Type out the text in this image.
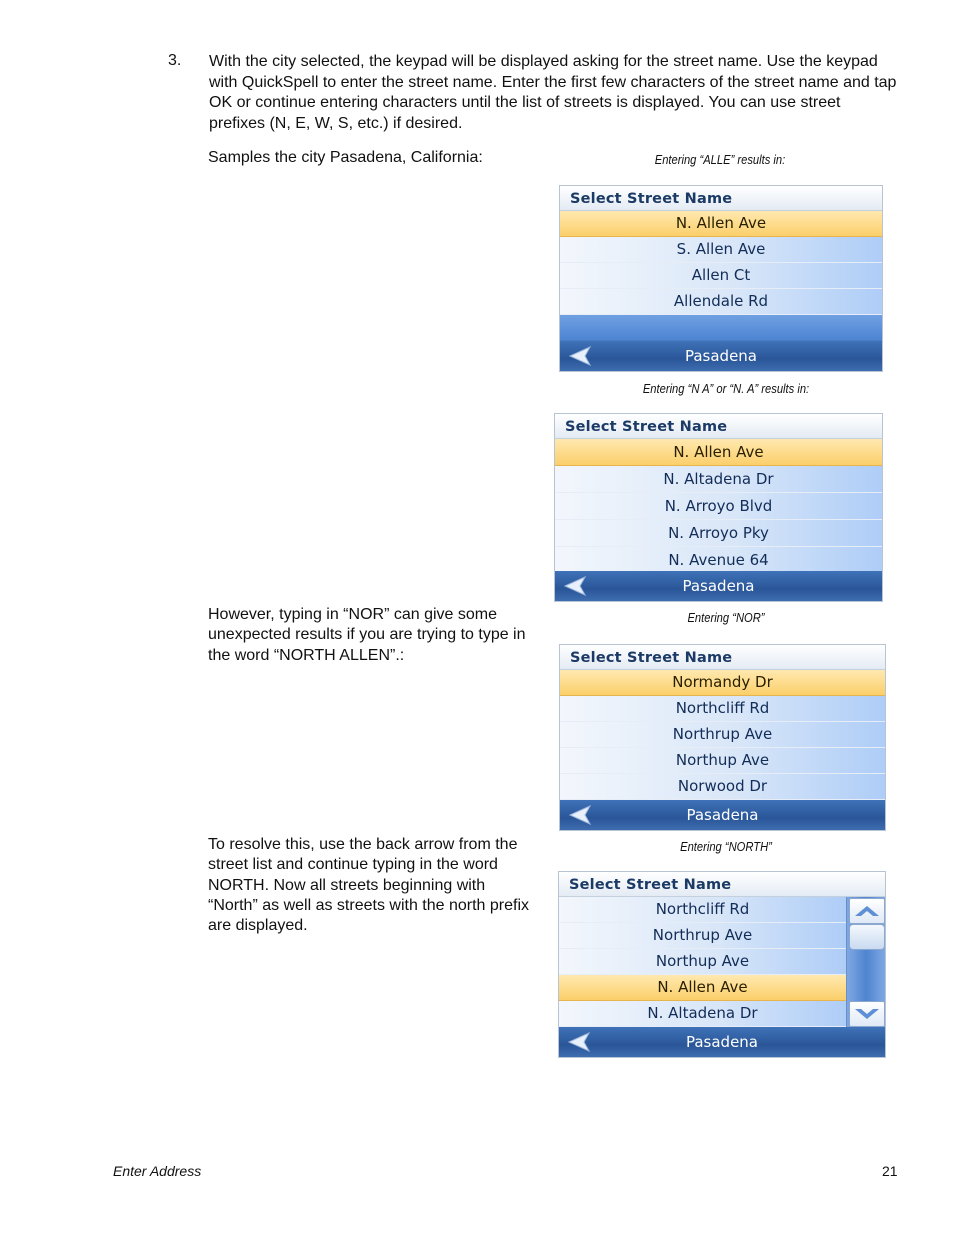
3. With the city selected, the keypad will be displayed asking for the street name. Use the keypad with QuickSpell to enter the street name. Enter the first few characters of the street name and tap OK or continue entering characters until the list of streets is displayed. You can use street prefixes (N, E, W, S, etc.) if desired.

Samples the city Pasadena, California:

However, typing in “NOR” can give some unexpected results if you are trying to type in the word “NORTH ALLEN”.:

To resolve this, use the back arrow from the street list and continue typing in the word NORTH. Now all streets beginning with “North” as well as streets with the north prefix are displayed.

Entering “ALLE” results in:
Select Street Name
N. Allen Ave
S. Allen Ave
Allen Ct
Allendale Rd
Pasadena
Entering “N A” or “N. A” results in:
Select Street Name
N. Allen Ave
N. Altadena Dr
N. Arroyo Blvd
N. Arroyo Pky
N. Avenue 64
Pasadena
Entering “NOR”
Select Street Name
Normandy Dr
Northcliff Rd
Northrup Ave
Northup Ave
Norwood Dr
Pasadena
Entering “NORTH”
Select Street Name
Northcliff Rd
Northrup Ave
Northup Ave
N. Allen Ave
N. Altadena Dr
Pasadena
Enter Address	21
